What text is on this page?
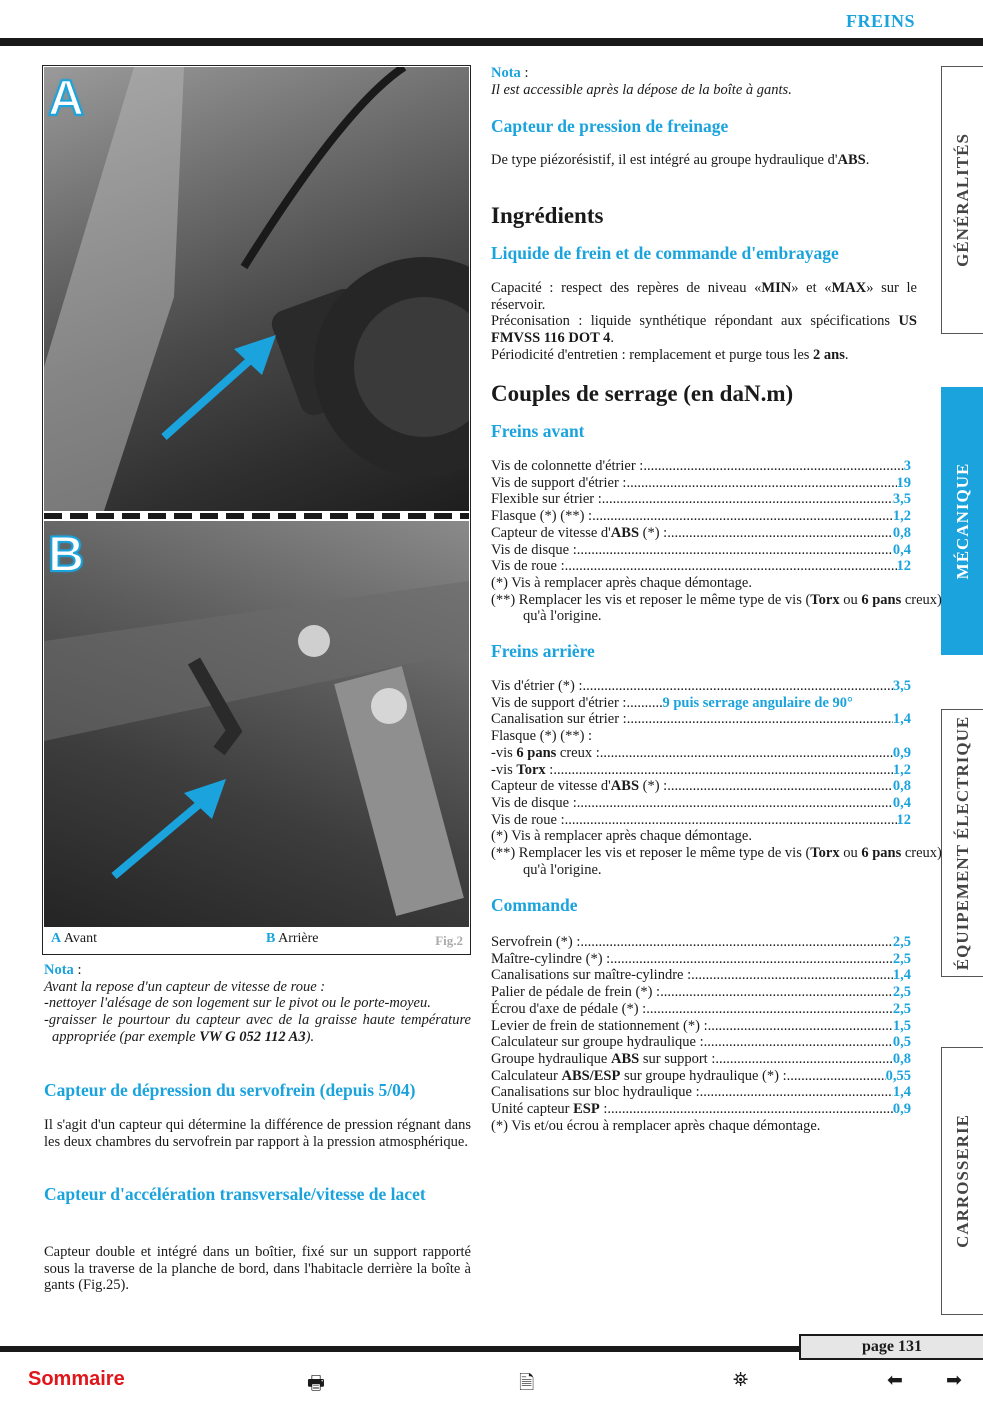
FREINS
GÉNÉRALITÉS
MÉCANIQUE
ÉQUIPEMENT ÉLECTRIQUE
CARROSSERIE
A
B
A Avant	B Arrière	Fig.2

Nota :

Avant la repose d'un capteur de vitesse de roue :

-nettoyer l'alésage de son logement sur le pivot ou le porte-moyeu.

-graisser le pourtour du capteur avec de la graisse haute température appropriée (par exemple VW G 052 112 A3).

Capteur de dépression du servofrein (depuis 5/04)

Il s'agit d'un capteur qui détermine la différence de pression régnant dans les deux chambres du servofrein par rapport à la pression atmosphérique.

Capteur d'accélération transversale/vitesse de lacet

Capteur double et intégré dans un boîtier, fixé sur un support rapporté sous la traverse de la planche de bord, dans l'habitacle derrière la boîte à gants (Fig.25).

Nota :

Il est accessible après la dépose de la boîte à gants.

Capteur de pression de freinage

De type piézorésistif, il est intégré au groupe hydraulique d'ABS.

Ingrédients
Liquide de frein et de commande d'embrayage

Capacité : respect des repères de niveau «MIN» et «MAX» sur le réservoir.

Préconisation : liquide synthétique répondant aux spécifications US FMVSS 116 DOT 4.

Périodicité d'entretien : remplacement et purge tous les 2 ans.

Couples de serrage (en daN.m)
Freins avant
Vis de colonnette d'étrier : .....	3
Vis de support d'étrier : .....	19
Flexible sur étrier : .....	3,5
Flasque (*) (**) : .....	1,2
Capteur de vitesse d'ABS (*) : .....	0,8
Vis de disque : .....	0,4
Vis de roue : .....	12

(*) Vis à remplacer après chaque démontage.

(**) Remplacer les vis et reposer le même type de vis (Torx ou 6 pans creux) qu'à l'origine.

Freins arrière
Vis d'étrier (*) : .....	3,5
Vis de support d'étrier : ..... 9 puis serrage angulaire de 90°
Canalisation sur étrier : .....	1,4

Flasque (*) (**) :

-vis 6 pans creux : .....	0,9
-vis Torx : .....	1,2
Capteur de vitesse d'ABS (*) : .....	0,8
Vis de disque : .....	0,4
Vis de roue : .....	12

(*) Vis à remplacer après chaque démontage.

(**) Remplacer les vis et reposer le même type de vis (Torx ou 6 pans creux) qu'à l'origine.

Commande
Servofrein (*) : .....	2,5
Maître-cylindre (*) : .....	2,5
Canalisations sur maître-cylindre : .....	1,4
Palier de pédale de frein (*) : .....	2,5
Écrou d'axe de pédale (*) : .....	2,5
Levier de frein de stationnement (*) : .....	1,5
Calculateur sur groupe hydraulique : .....	0,5
Groupe hydraulique ABS sur support : .....	0,8
Calculateur ABS/ESP sur groupe hydraulique (*) : .....	0,55
Canalisations sur bloc hydraulique : .....	1,4
Unité capteur ESP : .....	0,9

(*) Vis et/ou écrou à remplacer après chaque démontage.

page 131
Sommaire	🖶	🗎	⛯	⬅ ➡
